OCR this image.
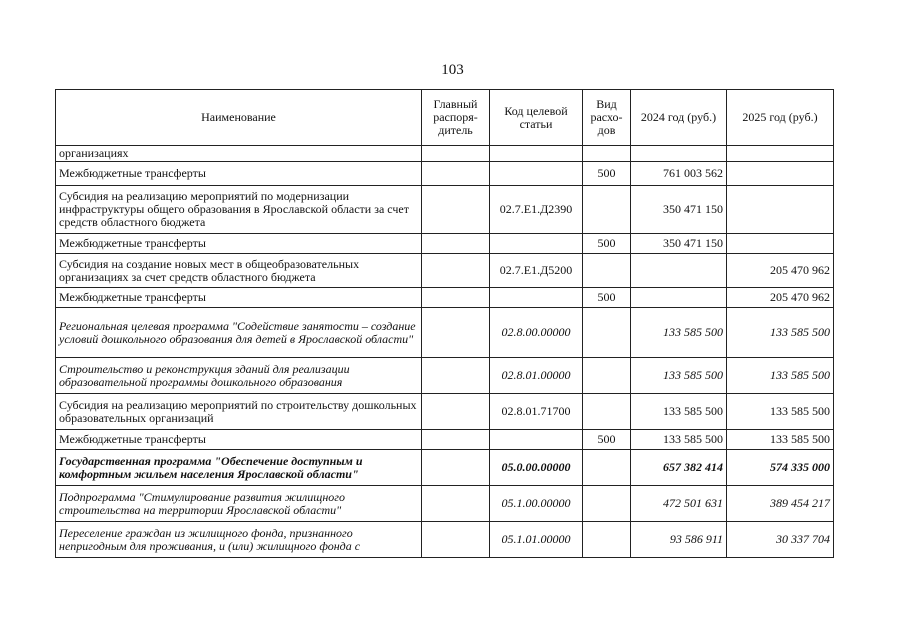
103
Наименование	Главный распоря-дитель	Код целевой статьи	Вид расхо-дов	2024 год (руб.)	2025 год (руб.)
организациях					
Межбюджетные трансферты			500	761 003 562	
Субсидия на реализацию мероприятий по модернизации инфраструктуры общего образования в Ярославской области за счет средств областного бюджета		02.7.Е1.Д2390		350 471 150	
Межбюджетные трансферты			500	350 471 150	
Субсидия на создание новых мест в общеобразовательных организациях за счет средств областного бюджета		02.7.Е1.Д5200			205 470 962
Межбюджетные трансферты			500		205 470 962
Региональная целевая программа "Содействие занятости – создание условий дошкольного образования для детей в Ярославской области"		02.8.00.00000		133 585 500	133 585 500
Строительство и реконструкция зданий для реализации образовательной программы дошкольного образования		02.8.01.00000		133 585 500	133 585 500
Субсидия на реализацию мероприятий по строительству дошкольных образовательных организаций		02.8.01.71700		133 585 500	133 585 500
Межбюджетные трансферты			500	133 585 500	133 585 500
Государственная программа "Обеспечение доступным и комфортным жильем населения Ярославской области"		05.0.00.00000		657 382 414	574 335 000
Подпрограмма "Стимулирование развития жилищного строительства на территории Ярославской области"		05.1.00.00000		472 501 631	389 454 217
Переселение граждан из жилищного фонда, признанного непригодным для проживания, и (или) жилищного фонда с		05.1.01.00000		93 586 911	30 337 704
